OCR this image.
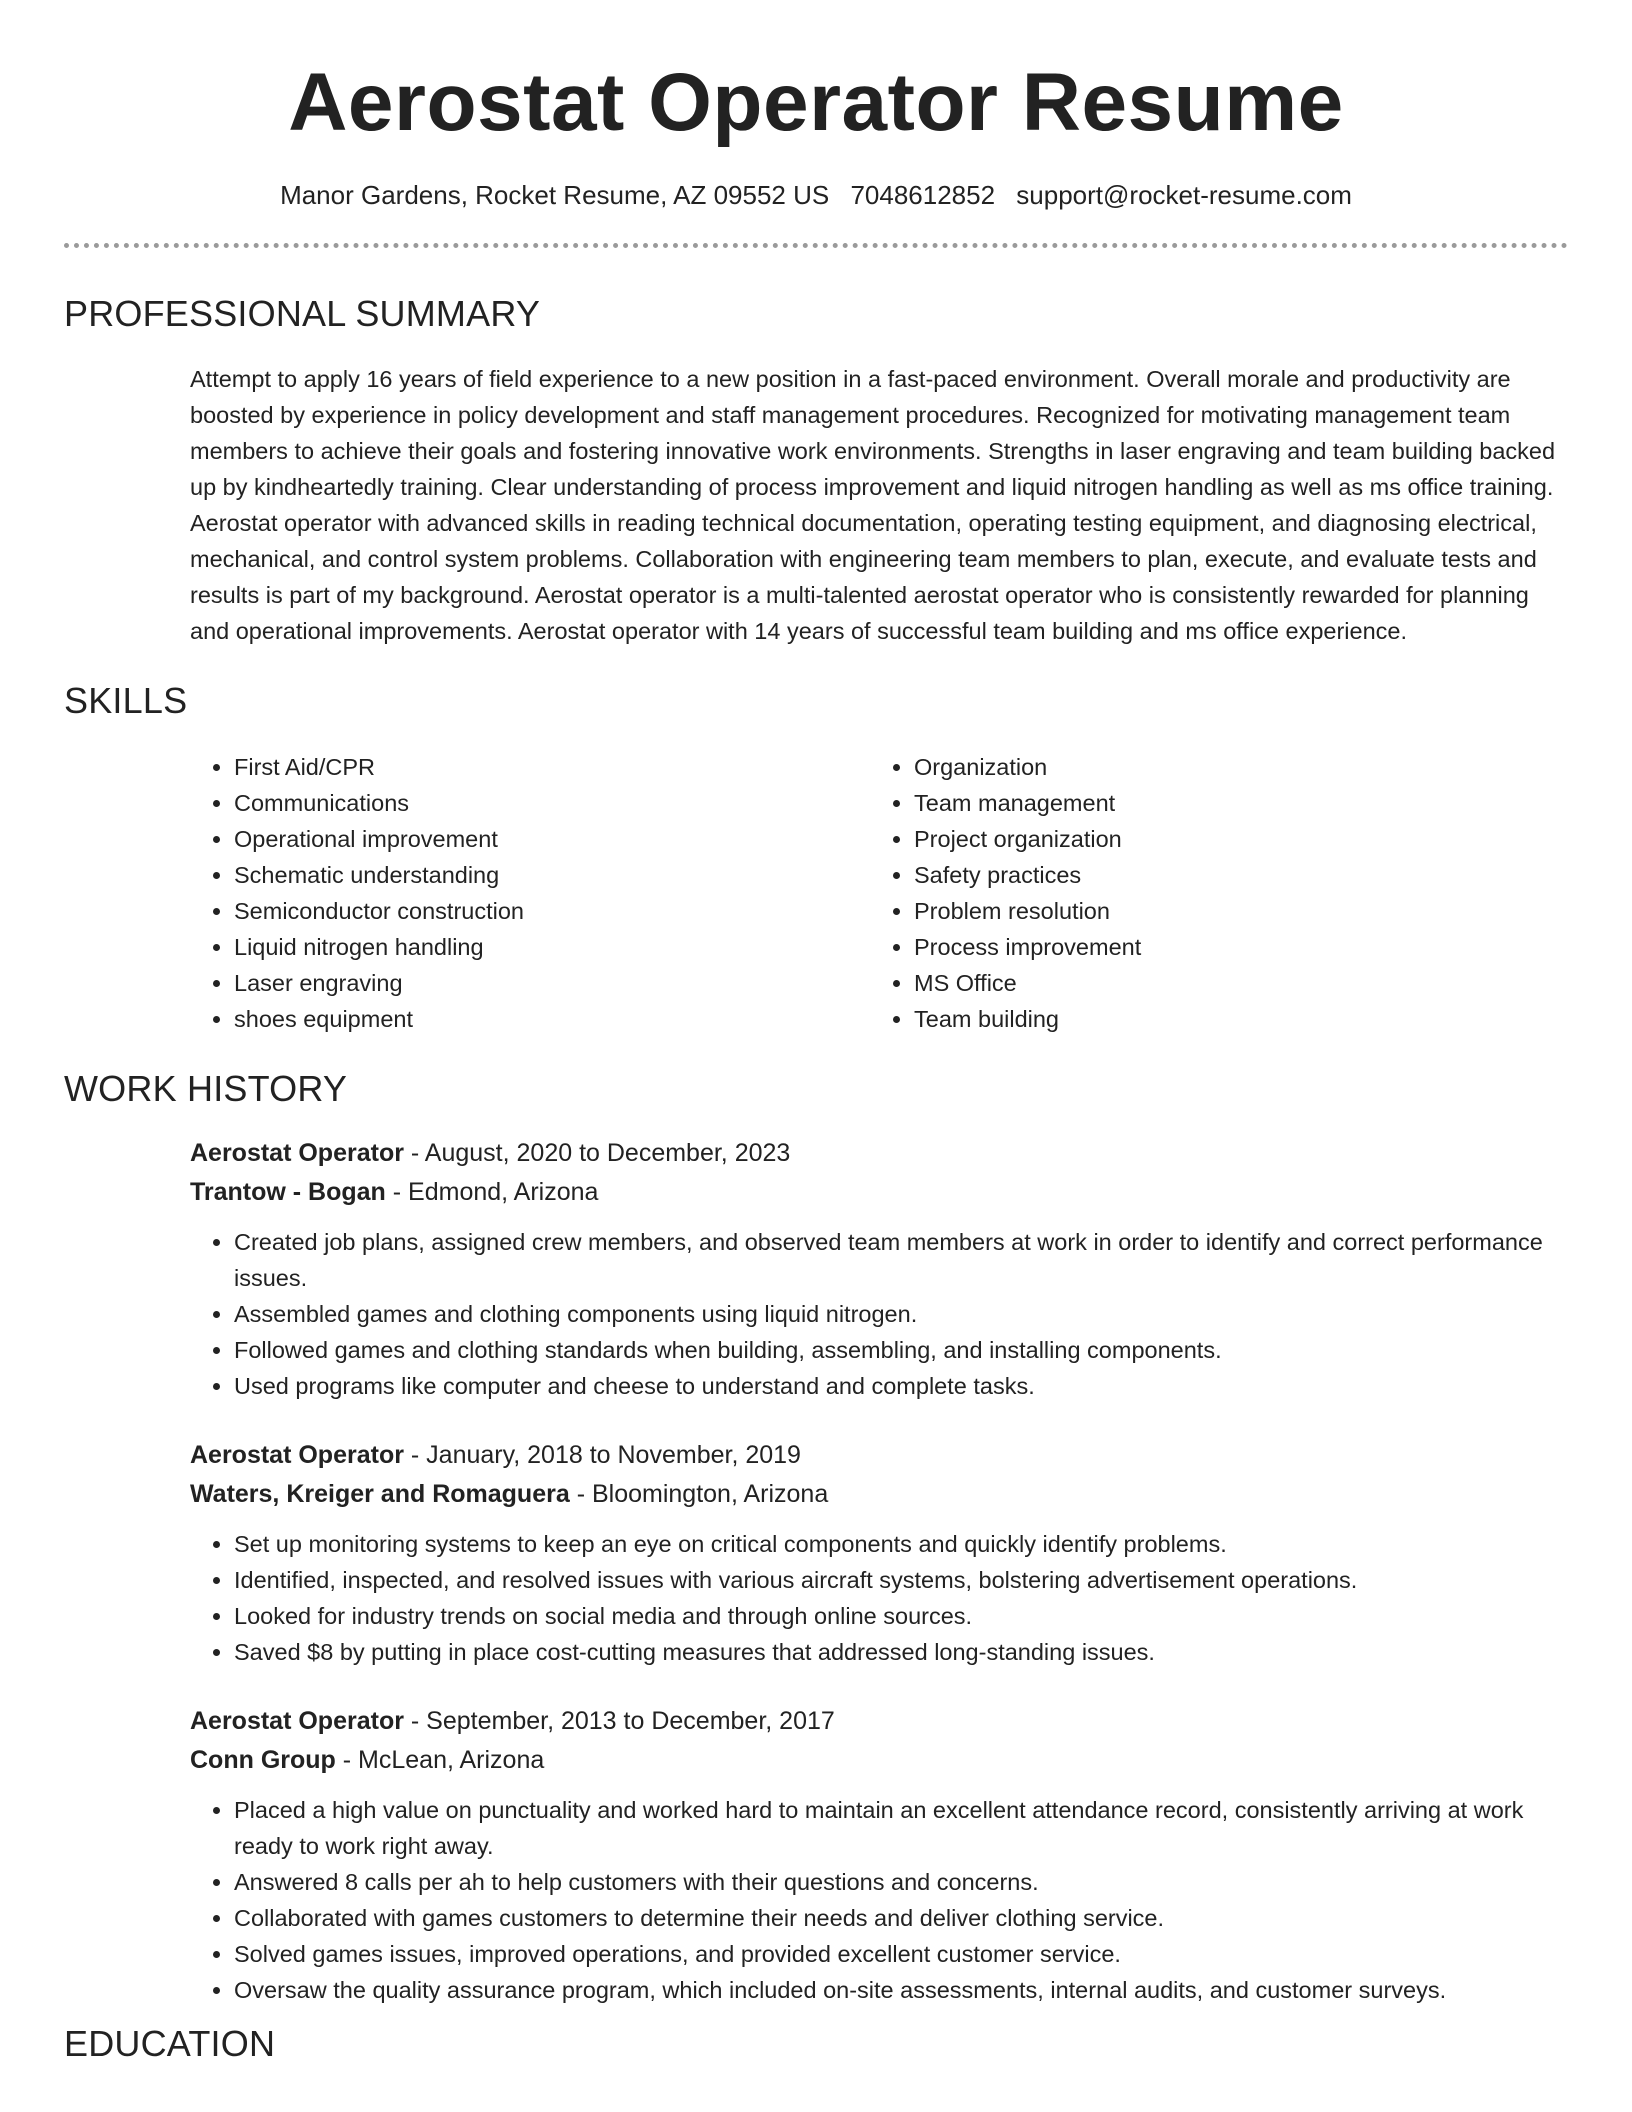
Aerostat Operator Resume
Manor Gardens, Rocket Resume, AZ 09552 US 7048612852 support@rocket-resume.com
PROFESSIONAL SUMMARY

Attempt to apply 16 years of field experience to a new position in a fast-paced environment. Overall morale and productivity are boosted by experience in policy development and staff management procedures. Recognized for motivating management team members to achieve their goals and fostering innovative work environments. Strengths in laser engraving and team building backed up by kindheartedly training. Clear understanding of process improvement and liquid nitrogen handling as well as ms office training. Aerostat operator with advanced skills in reading technical documentation, operating testing equipment, and diagnosing electrical, mechanical, and control system problems. Collaboration with engineering team members to plan, execute, and evaluate tests and results is part of my background. Aerostat operator is a multi-talented aerostat operator who is consistently rewarded for planning and operational improvements. Aerostat operator with 14 years of successful team building and ms office experience.

SKILLS
• First Aid/CPR
• Communications
• Operational improvement
• Schematic understanding
• Semiconductor construction
• Liquid nitrogen handling
• Laser engraving
• shoes equipment
• Organization
• Team management
• Project organization
• Safety practices
• Problem resolution
• Process improvement
• MS Office
• Team building
WORK HISTORY
Aerostat Operator - August, 2020 to December, 2023
Trantow - Bogan - Edmond, Arizona
• Created job plans, assigned crew members, and observed team members at work in order to identify and correct performance issues.
• Assembled games and clothing components using liquid nitrogen.
• Followed games and clothing standards when building, assembling, and installing components.
• Used programs like computer and cheese to understand and complete tasks.
Aerostat Operator - January, 2018 to November, 2019
Waters, Kreiger and Romaguera - Bloomington, Arizona
• Set up monitoring systems to keep an eye on critical components and quickly identify problems.
• Identified, inspected, and resolved issues with various aircraft systems, bolstering advertisement operations.
• Looked for industry trends on social media and through online sources.
• Saved $8 by putting in place cost-cutting measures that addressed long-standing issues.
Aerostat Operator - September, 2013 to December, 2017
Conn Group - McLean, Arizona
• Placed a high value on punctuality and worked hard to maintain an excellent attendance record, consistently arriving at work ready to work right away.
• Answered 8 calls per ah to help customers with their questions and concerns.
• Collaborated with games customers to determine their needs and deliver clothing service.
• Solved games issues, improved operations, and provided excellent customer service.
• Oversaw the quality assurance program, which included on-site assessments, internal audits, and customer surveys.
EDUCATION
